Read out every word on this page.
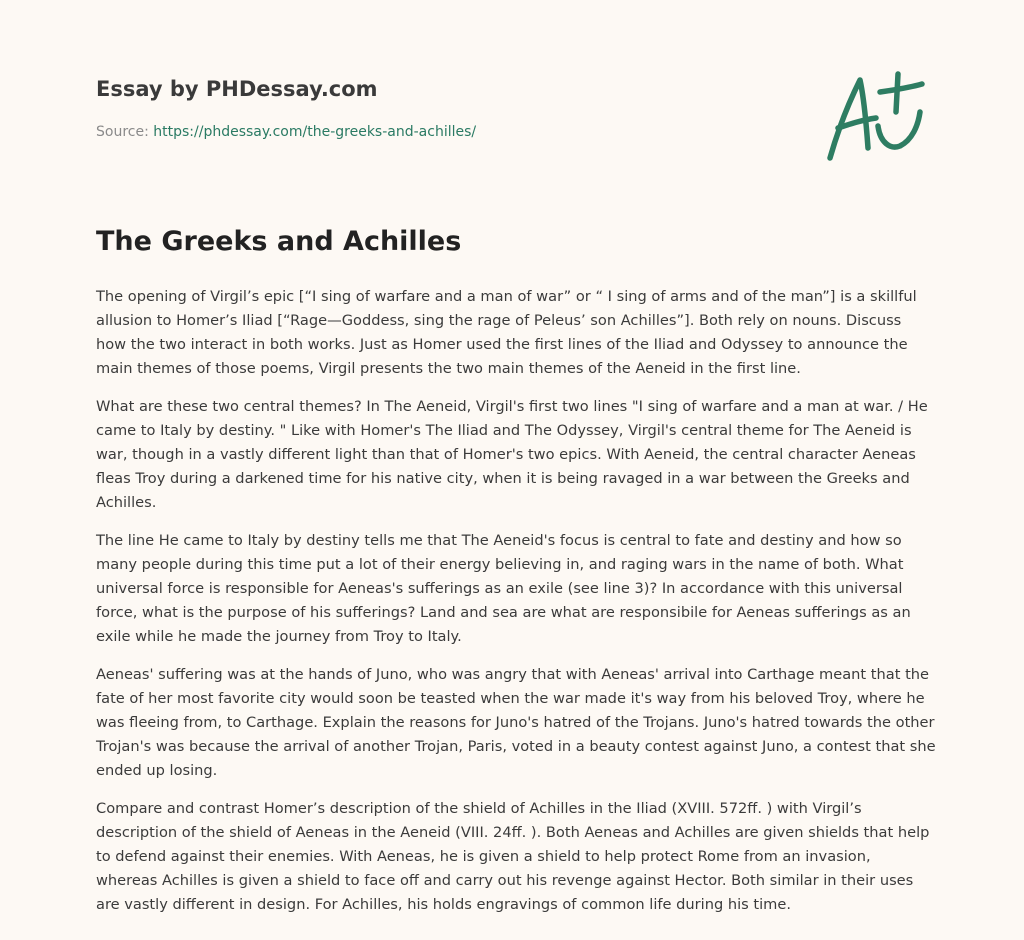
Essay by PHDessay.com
Source: https://phdessay.com/the-greeks-and-achilles/
The Greeks and Achilles

The opening of Virgil’s epic [“I sing of warfare and a man of war” or “ I sing of arms and of the man”] is a skillful allusion to Homer’s Iliad [“Rage—Goddess, sing the rage of Peleus’ son Achilles”]. Both rely on nouns. Discuss how the two interact in both works. Just as Homer used the first lines of the Iliad and Odyssey to announce the main themes of those poems, Virgil presents the two main themes of the Aeneid in the first line.

What are these two central themes? In The Aeneid, Virgil's first two lines "I sing of warfare and a man at war. / He came to Italy by destiny. " Like with Homer's The Iliad and The Odyssey, Virgil's central theme for The Aeneid is war, though in a vastly different light than that of Homer's two epics. With Aeneid, the central character Aeneas fleas Troy during a darkened time for his native city, when it is being ravaged in a war between the Greeks and Achilles.

The line He came to Italy by destiny tells me that The Aeneid's focus is central to fate and destiny and how so many people during this time put a lot of their energy believing in, and raging wars in the name of both. What universal force is responsible for Aeneas's sufferings as an exile (see line 3)? In accordance with this universal force, what is the purpose of his sufferings? Land and sea are what are responsibile for Aeneas sufferings as an exile while he made the journey from Troy to Italy.

Aeneas' suffering was at the hands of Juno, who was angry that with Aeneas' arrival into Carthage meant that the fate of her most favorite city would soon be teasted when the war made it's way from his beloved Troy, where he was fleeing from, to Carthage. Explain the reasons for Juno's hatred of the Trojans. Juno's hatred towards the other Trojan's was because the arrival of another Trojan, Paris, voted in a beauty contest against Juno, a contest that she ended up losing.

Compare and contrast Homer’s description of the shield of Achilles in the Iliad (XVIII. 572ff. ) with Virgil’s description of the shield of Aeneas in the Aeneid (VIII. 24ff. ). Both Aeneas and Achilles are given shields that help to defend against their enemies. With Aeneas, he is given a shield to help protect Rome from an invasion, whereas Achilles is given a shield to face off and carry out his revenge against Hector. Both similar in their uses are vastly different in design. For Achilles, his holds engravings of common life during his time.
